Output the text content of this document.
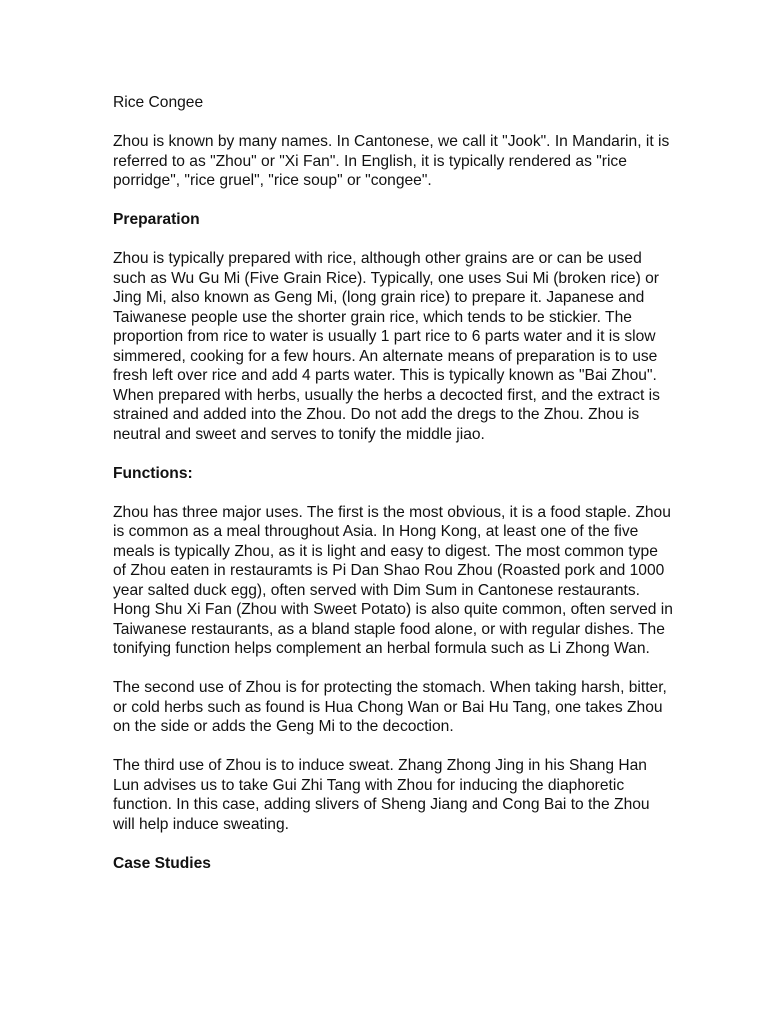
Rice Congee

Zhou is known by many names. In Cantonese, we call it "Jook". In Mandarin, it is referred to as "Zhou" or "Xi Fan". In English, it is typically rendered as "rice porridge", "rice gruel", "rice soup" or "congee".

Preparation

Zhou is typically prepared with rice, although other grains are or can be used such as Wu Gu Mi (Five Grain Rice). Typically, one uses Sui Mi (broken rice) or Jing Mi, also known as Geng Mi, (long grain rice) to prepare it. Japanese and Taiwanese people use the shorter grain rice, which tends to be stickier. The proportion from rice to water is usually 1 part rice to 6 parts water and it is slow simmered, cooking for a few hours. An alternate means of preparation is to use fresh left over rice and add 4 parts water. This is typically known as "Bai Zhou". When prepared with herbs, usually the herbs a decocted first, and the extract is strained and added into the Zhou. Do not add the dregs to the Zhou. Zhou is neutral and sweet and serves to tonify the middle jiao.

Functions:

Zhou has three major uses. The first is the most obvious, it is a food staple. Zhou is common as a meal throughout Asia. In Hong Kong, at least one of the five meals is typically Zhou, as it is light and easy to digest. The most common type of Zhou eaten in restauramts is Pi Dan Shao Rou Zhou (Roasted pork and 1000 year salted duck egg), often served with Dim Sum in Cantonese restaurants. Hong Shu Xi Fan (Zhou with Sweet Potato) is also quite common, often served in Taiwanese restaurants, as a bland staple food alone, or with regular dishes. The tonifying function helps complement an herbal formula such as Li Zhong Wan.

The second use of Zhou is for protecting the stomach. When taking harsh, bitter, or cold herbs such as found is Hua Chong Wan or Bai Hu Tang, one takes Zhou on the side or adds the Geng Mi to the decoction.

The third use of Zhou is to induce sweat. Zhang Zhong Jing in his Shang Han Lun advises us to take Gui Zhi Tang with Zhou for inducing the diaphoretic function. In this case, adding slivers of Sheng Jiang and Cong Bai to the Zhou will help induce sweating.

Case Studies
